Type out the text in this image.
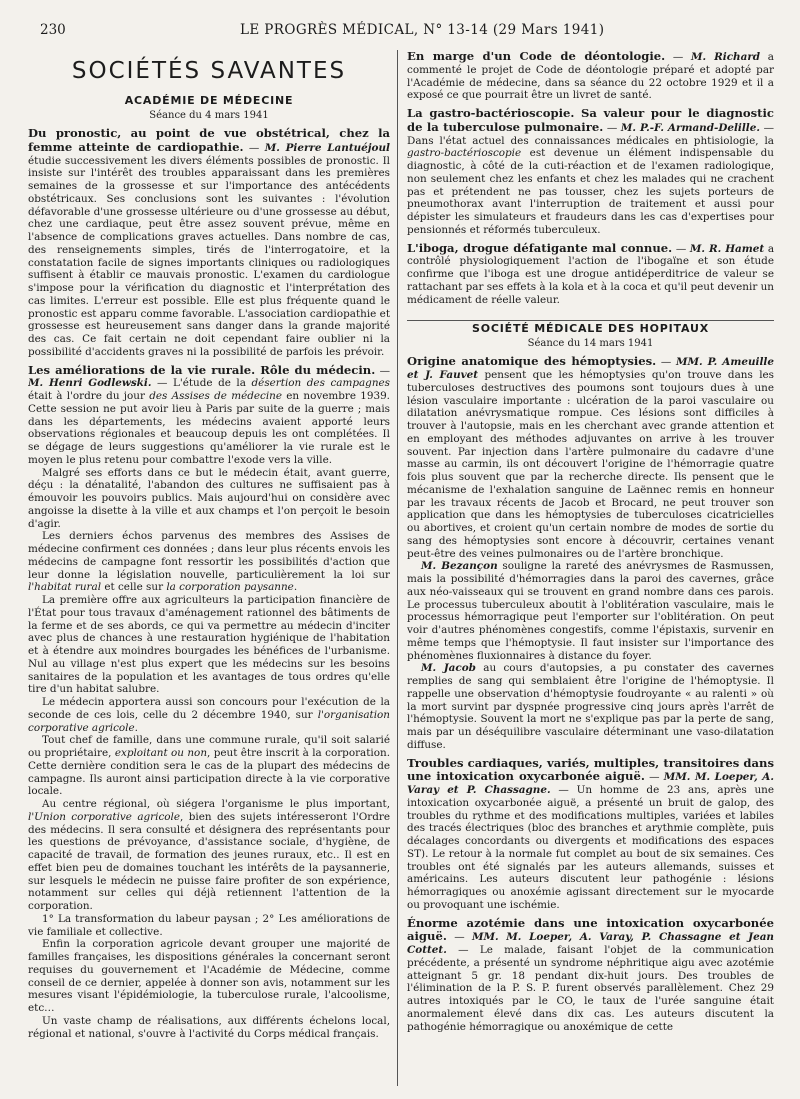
230	LE PROGRÈS MÉDICAL, N° 13-14 (29 Mars 1941)
SOCIÉTÉS SAVANTES
ACADÉMIE DE MÉDECINE
Séance du 4 mars 1941

Du pronostic, au point de vue obstétrical, chez la femme atteinte de cardiopathie. — M. Pierre Lantuéjoul étudie successivement les divers éléments possibles de pronostic. Il insiste sur l'intérêt des troubles apparaissant dans les premières semaines de la grossesse et sur l'importance des antécédents obstétricaux. Ses conclusions sont les suivantes : l'évolution défavorable d'une grossesse ultérieure ou d'une grossesse au début, chez une cardiaque, peut être assez souvent prévue, même en l'absence de complications graves actuelles. Dans nombre de cas, des renseignements simples, tirés de l'interrogatoire, et la constatation facile de signes importants cliniques ou radiologiques suffisent à établir ce mauvais pronostic. L'examen du cardiologue s'impose pour la vérification du diagnostic et l'interprétation des cas limites. L'erreur est possible. Elle est plus fréquente quand le pronostic est apparu comme favorable. L'association cardiopathie et grossesse est heureusement sans danger dans la grande majorité des cas. Ce fait certain ne doit cependant faire oublier ni la possibilité d'accidents graves ni la possibilité de parfois les prévoir.

Les améliorations de la vie rurale. Rôle du médecin. — M. Henri Godlewski. — L'étude de la désertion des campagnes était à l'ordre du jour des Assises de médecine en novembre 1939. Cette session ne put avoir lieu à Paris par suite de la guerre ; mais dans les départements, les médecins avaient apporté leurs observations régionales et beaucoup depuis les ont complétées. Il se dégage de leurs suggestions qu'améliorer la vie rurale est le moyen le plus retenu pour combattre l'exode vers la ville.

Malgré ses efforts dans ce but le médecin était, avant guerre, déçu : la dénatalité, l'abandon des cultures ne suffisaient pas à émouvoir les pouvoirs publics. Mais aujourd'hui on considère avec angoisse la disette à la ville et aux champs et l'on perçoit le besoin d'agir.

Les derniers échos parvenus des membres des Assises de médecine confirment ces données ; dans leur plus récents envois les médecins de campagne font ressortir les possibilités d'action que leur donne la législation nouvelle, particulièrement la loi sur l'habitat rural et celle sur la corporation paysanne.

La première offre aux agriculteurs la participation financière de l'État pour tous travaux d'aménagement rationnel des bâtiments de la ferme et de ses abords, ce qui va permettre au médecin d'inciter avec plus de chances à une restauration hygiénique de l'habitation et à étendre aux moindres bourgades les bénéfices de l'urbanisme. Nul au village n'est plus expert que les médecins sur les besoins sanitaires de la population et les avantages de tous ordres qu'elle tire d'un habitat salubre.

Le médecin apportera aussi son concours pour l'exécution de la seconde de ces lois, celle du 2 décembre 1940, sur l'organisation corporative agricole.

Tout chef de famille, dans une commune rurale, qu'il soit salarié ou propriétaire, exploitant ou non, peut être inscrit à la corporation. Cette dernière condition sera le cas de la plupart des médecins de campagne. Ils auront ainsi participation directe à la vie corporative locale.

Au centre régional, où siégera l'organisme le plus important, l'Union corporative agricole, bien des sujets intéresseront l'Ordre des médecins. Il sera consulté et désignera des représentants pour les questions de prévoyance, d'assistance sociale, d'hygiène, de capacité de travail, de formation des jeunes ruraux, etc.. Il est en effet bien peu de domaines touchant les intérêts de la paysannerie, sur lesquels le médecin ne puisse faire profiter de son expérience, notamment sur celles qui déjà retiennent l'attention de la corporation.

1° La transformation du labeur paysan ; 2° Les améliorations de vie familiale et collective.

Enfin la corporation agricole devant grouper une majorité de familles françaises, les dispositions générales la concernant seront requises du gouvernement et l'Académie de Médecine, comme conseil de ce dernier, appelée à donner son avis, notamment sur les mesures visant l'épidémiologie, la tuberculose rurale, l'alcoolisme, etc…

Un vaste champ de réalisations, aux différents échelons local, régional et national, s'ouvre à l'activité du Corps médical français.

En marge d'un Code de déontologie. — M. Richard a commenté le projet de Code de déontologie préparé et adopté par l'Académie de médecine, dans sa séance du 22 octobre 1929 et il a exposé ce que pourrait être un livret de santé.

La gastro-bactérioscopie. Sa valeur pour le diagnostic de la tuberculose pulmonaire. — M. P.-F. Armand-Delille. — Dans l'état actuel des connaissances médicales en phtisiologie, la gastro-bactérioscopie est devenue un élément indispensable du diagnostic, à côté de la cuti-réaction et de l'examen radiologique, non seulement chez les enfants et chez les malades qui ne crachent pas et prétendent ne pas tousser, chez les sujets porteurs de pneumothorax avant l'interruption de traitement et aussi pour dépister les simulateurs et fraudeurs dans les cas d'expertises pour pensionnés et réformés tuberculeux.

L'iboga, drogue défatigante mal connue. — M. R. Hamet a contrôlé physiologiquement l'action de l'ibogaïne et son étude confirme que l'iboga est une drogue antidéperditrice de valeur se rattachant par ses effets à la kola et à la coca et qu'il peut devenir un médicament de réelle valeur.

SOCIÉTÉ MÉDICALE DES HOPITAUX
Séance du 14 mars 1941

Origine anatomique des hémoptysies. — MM. P. Ameuille et J. Fauvet pensent que les hémoptysies qu'on trouve dans les tuberculoses destructives des poumons sont toujours dues à une lésion vasculaire importante : ulcération de la paroi vasculaire ou dilatation anévrysmatique rompue. Ces lésions sont difficiles à trouver à l'autopsie, mais en les cherchant avec grande attention et en employant des méthodes adjuvantes on arrive à les trouver souvent. Par injection dans l'artère pulmonaire du cadavre d'une masse au carmin, ils ont découvert l'origine de l'hémorragie quatre fois plus souvent que par la recherche directe. Ils pensent que le mécanisme de l'exhalation sanguine de Laënnec remis en honneur par les travaux récents de Jacob et Brocard, ne peut trouver son application que dans les hémoptysies de tuberculoses cicatricielles ou abortives, et croient qu'un certain nombre de modes de sortie du sang des hémoptysies sont encore à découvrir, certaines venant peut-être des veines pulmonaires ou de l'artère bronchique.

M. Bezançon souligne la rareté des anévrysmes de Rasmussen, mais la possibilité d'hémorragies dans la paroi des cavernes, grâce aux néo-vaisseaux qui se trouvent en grand nombre dans ces parois. Le processus tuberculeux aboutit à l'oblitération vasculaire, mais le processus hémorragique peut l'emporter sur l'oblitération. On peut voir d'autres phénomènes congestifs, comme l'épistaxis, survenir en même temps que l'hémoptysie. Il faut insister sur l'importance des phénomènes fluxionnaires à distance du foyer.

M. Jacob au cours d'autopsies, a pu constater des cavernes remplies de sang qui semblaient être l'origine de l'hémoptysie. Il rappelle une observation d'hémoptysie foudroyante « au ralenti » où la mort survint par dyspnée progressive cinq jours après l'arrêt de l'hémoptysie. Souvent la mort ne s'explique pas par la perte de sang, mais par un déséquilibre vasculaire déterminant une vaso-dilatation diffuse.

Troubles cardiaques, variés, multiples, transitoires dans une intoxication oxycarbonée aiguë. — MM. M. Loeper, A. Varay et P. Chassagne. — Un homme de 23 ans, après une intoxication oxycarbonée aiguë, a présenté un bruit de galop, des troubles du rythme et des modifications multiples, variées et labiles des tracés électriques (bloc des branches et arythmie complète, puis décalages concordants ou divergents et modifications des espaces ST). Le retour à la normale fut complet au bout de six semaines. Ces troubles ont été signalés par les auteurs allemands, suisses et américains. Les auteurs discutent leur pathogénie : lésions hémorragiques ou anoxémie agissant directement sur le myocarde ou provoquant une ischémie.

Énorme azotémie dans une intoxication oxycarbonée aiguë. — MM. M. Loeper, A. Varay, P. Chassagne et Jean Cottet. — Le malade, faisant l'objet de la communication précédente, a présenté un syndrome néphritique aigu avec azotémie atteignant 5 gr. 18 pendant dix-huit jours. Des troubles de l'élimination de la P. S. P. furent observés parallèlement. Chez 29 autres intoxiqués par le CO, le taux de l'urée sanguine était anormalement élevé dans dix cas. Les auteurs discutent la pathogénie hémorragique ou anoxémique de cette
